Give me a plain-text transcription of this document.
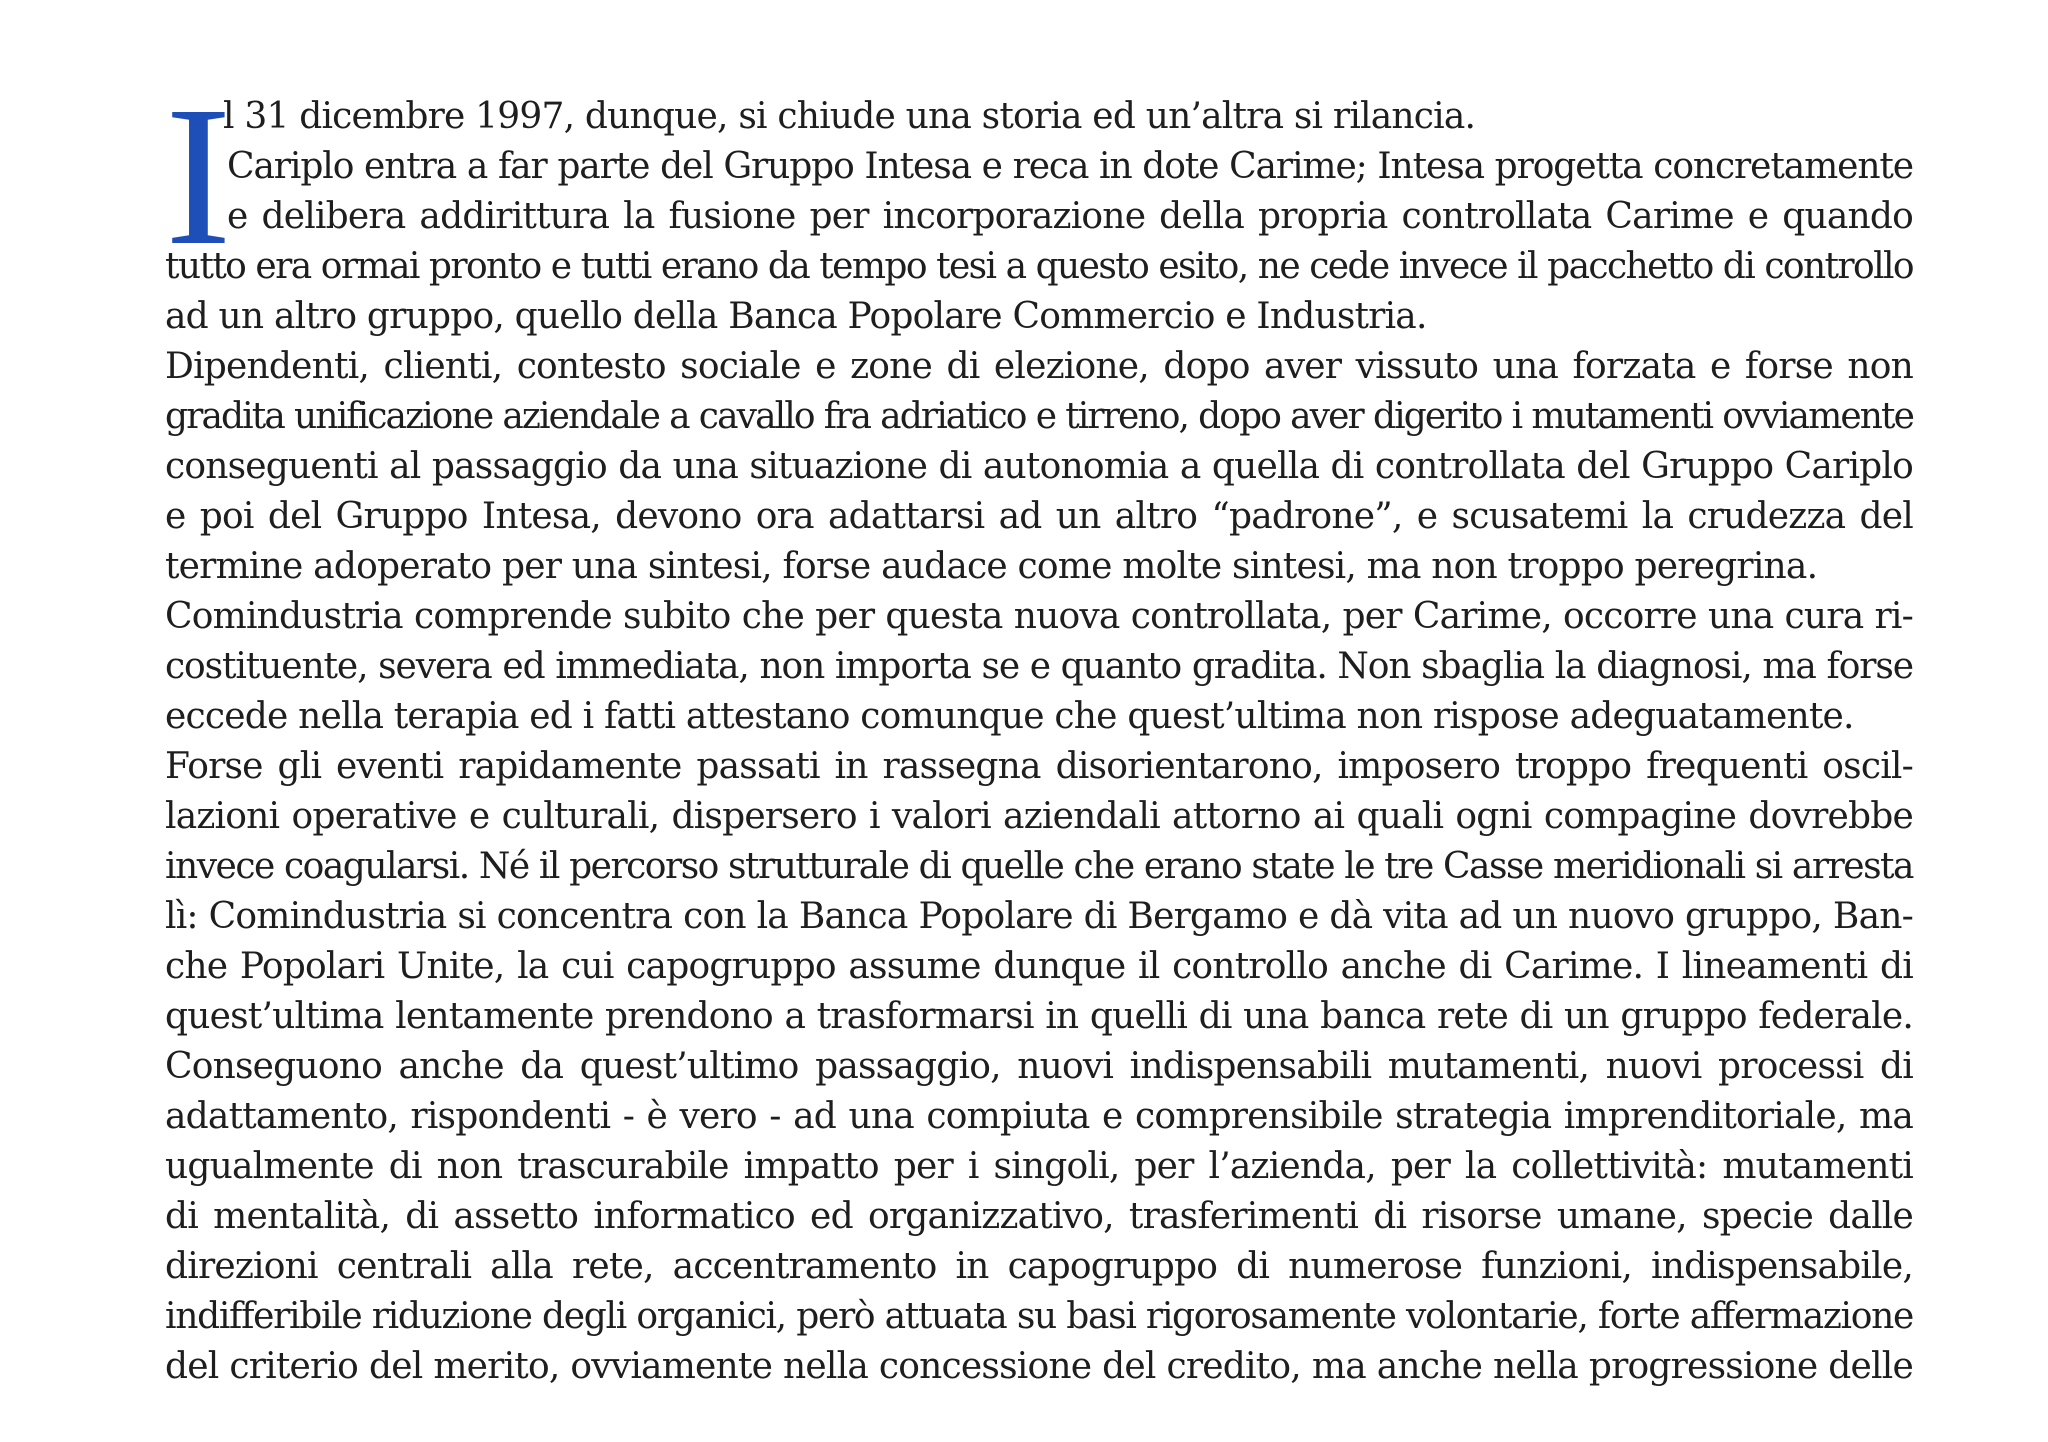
I
l 31 dicembre 1997, dunque, si chiude una storia ed un’altra si rilancia.
Cariplo entra a far parte del Gruppo Intesa e reca in dote Carime; Intesa progetta concretamente
e delibera addirittura la fusione per incorporazione della propria controllata Carime e quando
tutto era ormai pronto e tutti erano da tempo tesi a questo esito, ne cede invece il pacchetto di controllo
ad un altro gruppo, quello della Banca Popolare Commercio e Industria.
Dipendenti, clienti, contesto sociale e zone di elezione, dopo aver vissuto una forzata e forse non
gradita unificazione aziendale a cavallo fra adriatico e tirreno, dopo aver digerito i mutamenti ovviamente
conseguenti al passaggio da una situazione di autonomia a quella di controllata del Gruppo Cariplo
e poi del Gruppo Intesa, devono ora adattarsi ad un altro “padrone”, e scusatemi la crudezza del
termine adoperato per una sintesi, forse audace come molte sintesi, ma non troppo peregrina.
Comindustria comprende subito che per questa nuova controllata, per Carime, occorre una cura ri-
costituente, severa ed immediata, non importa se e quanto gradita. Non sbaglia la diagnosi, ma forse
eccede nella terapia ed i fatti attestano comunque che quest’ultima non rispose adeguatamente.
Forse gli eventi rapidamente passati in rassegna disorientarono, imposero troppo frequenti oscil-
lazioni operative e culturali, dispersero i valori aziendali attorno ai quali ogni compagine dovrebbe
invece coagularsi. Né il percorso strutturale di quelle che erano state le tre Casse meridionali si arresta
lì: Comindustria si concentra con la Banca Popolare di Bergamo e dà vita ad un nuovo gruppo, Ban-
che Popolari Unite, la cui capogruppo assume dunque il controllo anche di Carime. I lineamenti di
quest’ultima lentamente prendono a trasformarsi in quelli di una banca rete di un gruppo federale.
Conseguono anche da quest’ultimo passaggio, nuovi indispensabili mutamenti, nuovi processi di
adattamento, rispondenti - è vero - ad una compiuta e comprensibile strategia imprenditoriale, ma
ugualmente di non trascurabile impatto per i singoli, per l’azienda, per la collettività: mutamenti
di mentalità, di assetto informatico ed organizzativo, trasferimenti di risorse umane, specie dalle
direzioni centrali alla rete, accentramento in capogruppo di numerose funzioni, indispensabile,
indifferibile riduzione degli organici, però attuata su basi rigorosamente volontarie, forte affermazione
del criterio del merito, ovviamente nella concessione del credito, ma anche nella progressione delle
